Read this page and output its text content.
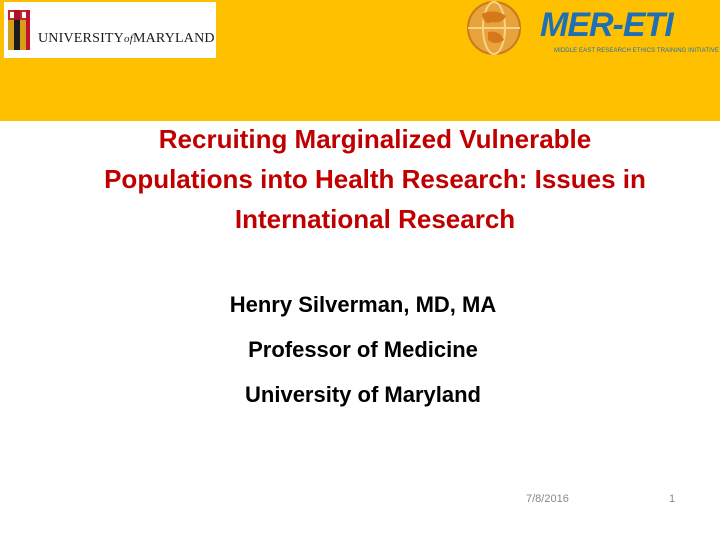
UNIVERSITYofMARYLAND	MER-ETI
MIDDLE EAST RESEARCH ETHICS TRAINING INITIATIVE
Recruiting Marginalized Vulnerable
Populations into Health Research: Issues in
International Research
Henry Silverman, MD, MA
Professor of Medicine
University of Maryland
7/8/2016	1
